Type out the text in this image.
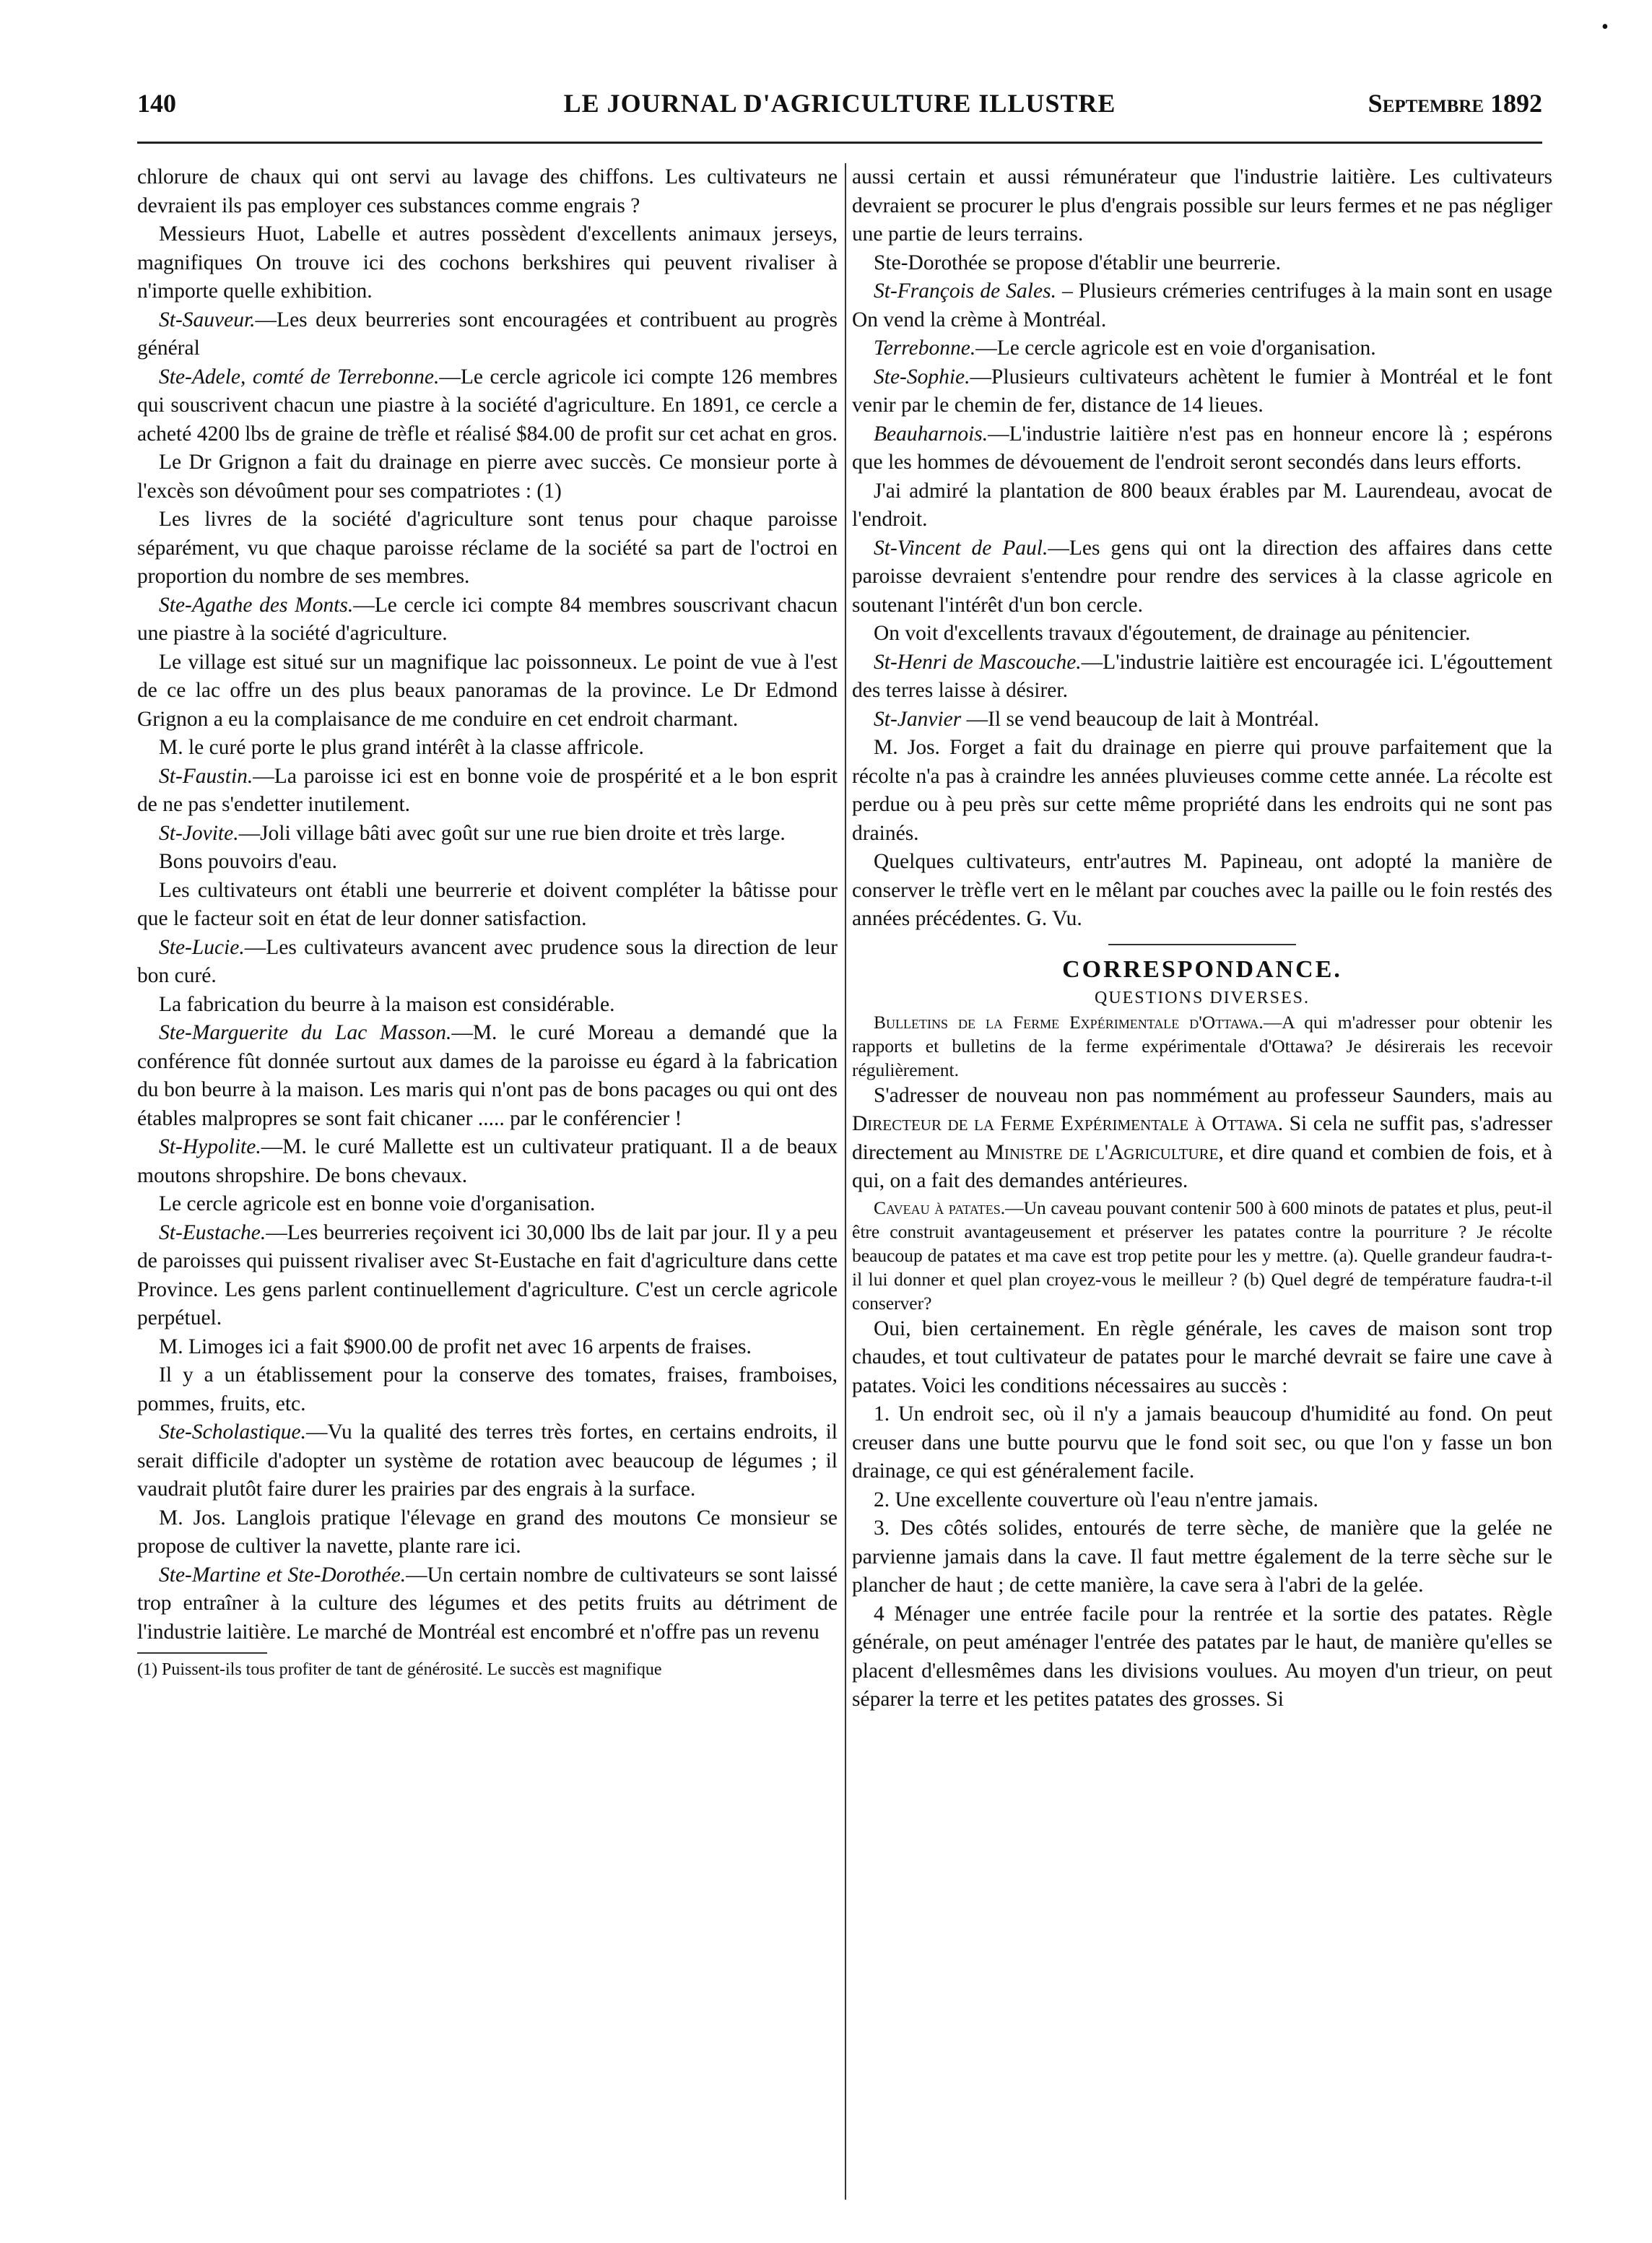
•
140	LE JOURNAL D'AGRICULTURE ILLUSTRE	Septembre 1892

chlorure de chaux qui ont servi au lavage des chiffons. Les cultivateurs ne devraient ils pas employer ces substances comme engrais ?

Messieurs Huot, Labelle et autres possèdent d'excellents animaux jerseys, magnifiques On trouve ici des cochons berkshires qui peuvent rivaliser à n'importe quelle exhibition.

St-Sauveur.—Les deux beurreries sont encouragées et contribuent au progrès général

Ste-Adele, comté de Terrebonne.—Le cercle agricole ici compte 126 membres qui souscrivent chacun une piastre à la société d'agriculture. En 1891, ce cercle a acheté 4200 lbs de graine de trèfle et réalisé $84.00 de profit sur cet achat en gros.

Le Dr Grignon a fait du drainage en pierre avec succès. Ce monsieur porte à l'excès son dévoûment pour ses compatriotes : (1)

Les livres de la société d'agriculture sont tenus pour chaque paroisse séparément, vu que chaque paroisse réclame de la société sa part de l'octroi en proportion du nombre de ses membres.

Ste-Agathe des Monts.—Le cercle ici compte 84 membres souscrivant chacun une piastre à la société d'agriculture.

Le village est situé sur un magnifique lac poissonneux. Le point de vue à l'est de ce lac offre un des plus beaux panoramas de la province. Le Dr Edmond Grignon a eu la complaisance de me conduire en cet endroit charmant.

M. le curé porte le plus grand intérêt à la classe affricole.

St-Faustin.—La paroisse ici est en bonne voie de prospérité et a le bon esprit de ne pas s'endetter inutilement.

St-Jovite.—Joli village bâti avec goût sur une rue bien droite et très large.

Bons pouvoirs d'eau.

Les cultivateurs ont établi une beurrerie et doivent compléter la bâtisse pour que le facteur soit en état de leur donner satisfaction.

Ste-Lucie.—Les cultivateurs avancent avec prudence sous la direction de leur bon curé.

La fabrication du beurre à la maison est considérable.

Ste-Marguerite du Lac Masson.—M. le curé Moreau a demandé que la conférence fût donnée surtout aux dames de la paroisse eu égard à la fabrication du bon beurre à la maison. Les maris qui n'ont pas de bons pacages ou qui ont des étables malpropres se sont fait chicaner ..... par le conférencier !

St-Hypolite.—M. le curé Mallette est un cultivateur pratiquant. Il a de beaux moutons shropshire. De bons chevaux.

Le cercle agricole est en bonne voie d'organisation.

St-Eustache.—Les beurreries reçoivent ici 30,000 lbs de lait par jour. Il y a peu de paroisses qui puissent rivaliser avec St-Eustache en fait d'agriculture dans cette Province. Les gens parlent continuellement d'agriculture. C'est un cercle agricole perpétuel.

M. Limoges ici a fait $900.00 de profit net avec 16 arpents de fraises.

Il y a un établissement pour la conserve des tomates, fraises, framboises, pommes, fruits, etc.

Ste-Scholastique.—Vu la qualité des terres très fortes, en certains endroits, il serait difficile d'adopter un système de rotation avec beaucoup de légumes ; il vaudrait plutôt faire durer les prairies par des engrais à la surface.

M. Jos. Langlois pratique l'élevage en grand des moutons Ce monsieur se propose de cultiver la navette, plante rare ici.

Ste-Martine et Ste-Dorothée.—Un certain nombre de cultivateurs se sont laissé trop entraîner à la culture des légumes et des petits fruits au détriment de l'industrie laitière. Le marché de Montréal est encombré et n'offre pas un revenu

(1) Puissent-ils tous profiter de tant de générosité. Le succès est magnifique

aussi certain et aussi rémunérateur que l'industrie laitière. Les cultivateurs devraient se procurer le plus d'engrais possible sur leurs fermes et ne pas négliger une partie de leurs terrains.

Ste-Dorothée se propose d'établir une beurrerie.

St-François de Sales. – Plusieurs crémeries centrifuges à la main sont en usage On vend la crème à Montréal.

Terrebonne.—Le cercle agricole est en voie d'organisation.

Ste-Sophie.—Plusieurs cultivateurs achètent le fumier à Montréal et le font venir par le chemin de fer, distance de 14 lieues.

Beauharnois.—L'industrie laitière n'est pas en honneur encore là ; espérons que les hommes de dévouement de l'endroit seront secondés dans leurs efforts.

J'ai admiré la plantation de 800 beaux érables par M. Laurendeau, avocat de l'endroit.

St-Vincent de Paul.—Les gens qui ont la direction des affaires dans cette paroisse devraient s'entendre pour rendre des services à la classe agricole en soutenant l'intérêt d'un bon cercle.

On voit d'excellents travaux d'égoutement, de drainage au pénitencier.

St-Henri de Mascouche.—L'industrie laitière est encouragée ici. L'égouttement des terres laisse à désirer.

St-Janvier —Il se vend beaucoup de lait à Montréal.

M. Jos. Forget a fait du drainage en pierre qui prouve parfaitement que la récolte n'a pas à craindre les années pluvieuses comme cette année. La récolte est perdue ou à peu près sur cette même propriété dans les endroits qui ne sont pas drainés.

Quelques cultivateurs, entr'autres M. Papineau, ont adopté la manière de conserver le trèfle vert en le mêlant par couches avec la paille ou le foin restés des années précédentes. G. Vu.

CORRESPONDANCE.
QUESTIONS DIVERSES.

Bulletins de la Ferme Expérimentale d'Ottawa.—A qui m'adresser pour obtenir les rapports et bulletins de la ferme expérimentale d'Ottawa? Je désirerais les recevoir régulièrement.

S'adresser de nouveau non pas nommément au professeur Saunders, mais au Directeur de la Ferme Expérimentale à Ottawa. Si cela ne suffit pas, s'adresser directement au Ministre de l'Agriculture, et dire quand et combien de fois, et à qui, on a fait des demandes antérieures.

Caveau à patates.—Un caveau pouvant contenir 500 à 600 minots de patates et plus, peut-il être construit avantageusement et préserver les patates contre la pourriture ? Je récolte beaucoup de patates et ma cave est trop petite pour les y mettre. (a). Quelle grandeur faudra-t-il lui donner et quel plan croyez-vous le meilleur ? (b) Quel degré de température faudra-t-il conserver?

Oui, bien certainement. En règle générale, les caves de maison sont trop chaudes, et tout cultivateur de patates pour le marché devrait se faire une cave à patates. Voici les conditions nécessaires au succès :

1. Un endroit sec, où il n'y a jamais beaucoup d'humidité au fond. On peut creuser dans une butte pourvu que le fond soit sec, ou que l'on y fasse un bon drainage, ce qui est généralement facile.

2. Une excellente couverture où l'eau n'entre jamais.

3. Des côtés solides, entourés de terre sèche, de manière que la gelée ne parvienne jamais dans la cave. Il faut mettre également de la terre sèche sur le plancher de haut ; de cette manière, la cave sera à l'abri de la gelée.

4 Ménager une entrée facile pour la rentrée et la sortie des patates. Règle générale, on peut aménager l'entrée des patates par le haut, de manière qu'elles se placent d'ellesmêmes dans les divisions voulues. Au moyen d'un trieur, on peut séparer la terre et les petites patates des grosses. Si
